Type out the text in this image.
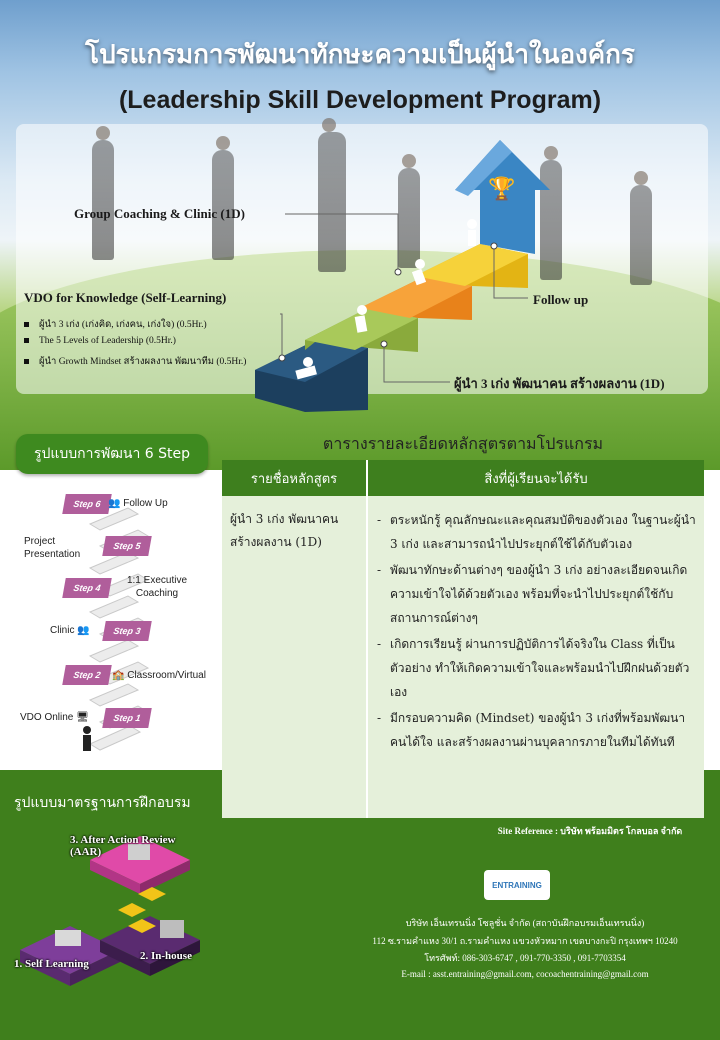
โปรแกรมการพัฒนาทักษะความเป็นผู้นำในองค์กร
(Leadership Skill Development Program)
🏆
Group Coaching & Clinic (1D)
VDO for Knowledge (Self-Learning)
ผู้นำ 3 เก่ง (เก่งคิด, เก่งคน, เก่งใจ) (0.5Hr.)
The 5 Levels of Leadership (0.5Hr.)
ผู้นำ Growth Mindset สร้างผลงาน พัฒนาทีม (0.5Hr.)
Follow up
ผู้นำ 3 เก่ง พัฒนาคน สร้างผลงาน (1D)
รูปแบบการพัฒนา 6 Step
Step 6 👥 Follow Up
Step 5
Project Presentation
Step 4
1:1 Executive Coaching
Step 3
Clinic 👥
Step 2	🏫 Classroom/Virtual
Step 1
VDO Online 🖥
ตารางรายละเอียดหลักสูตรตามโปรแกรม
รายชื่อหลักสูตร	สิ่งที่ผู้เรียนจะได้รับ
ผู้นำ 3 เก่ง พัฒนาคน สร้างผลงาน (1D)
- ตระหนักรู้ คุณลักษณะและคุณสมบัติของตัวเอง ในฐานะผู้นำ 3 เก่ง และสามารถนำไปประยุกต์ใช้ได้กับตัวเอง
- พัฒนาทักษะด้านต่างๆ ของผู้นำ 3 เก่ง อย่างละเอียดจนเกิดความเข้าใจได้ด้วยตัวเอง พร้อมที่จะนำไปประยุกต์ใช้กับสถานการณ์ต่างๆ
- เกิดการเรียนรู้ ผ่านการปฏิบัติการได้จริงใน Class ที่เป็นตัวอย่าง ทำให้เกิดความเข้าใจและพร้อมนำไปฝึกฝนด้วยตัวเอง
- มีกรอบความคิด (Mindset) ของผู้นำ 3 เก่งที่พร้อมพัฒนาคนได้ใจ และสร้างผลงานผ่านบุคลากรภายในทีมได้ทันที
รูปแบบมาตรฐานการฝึกอบรม
3. After Action Review (AAR)
1. Self Learning
2. In-house
Site Reference : บริษัท พร้อมมิตร โกลบอล จำกัด
ENTRAINING
บริษัท เอ็นเทรนนิ่ง โซลูชั่น จำกัด (สถาบันฝึกอบรมเอ็นเทรนนิ่ง)
112 ซ.รามคำแหง 30/1 ถ.รามคำแหง แขวงหัวหมาก เขตบางกะปิ กรุงเทพฯ 10240
โทรศัพท์: 086-303-6747 , 091-770-3350 , 091-7703354
E-mail : asst.entraining@gmail.com, cocoachentraining@gmail.com
